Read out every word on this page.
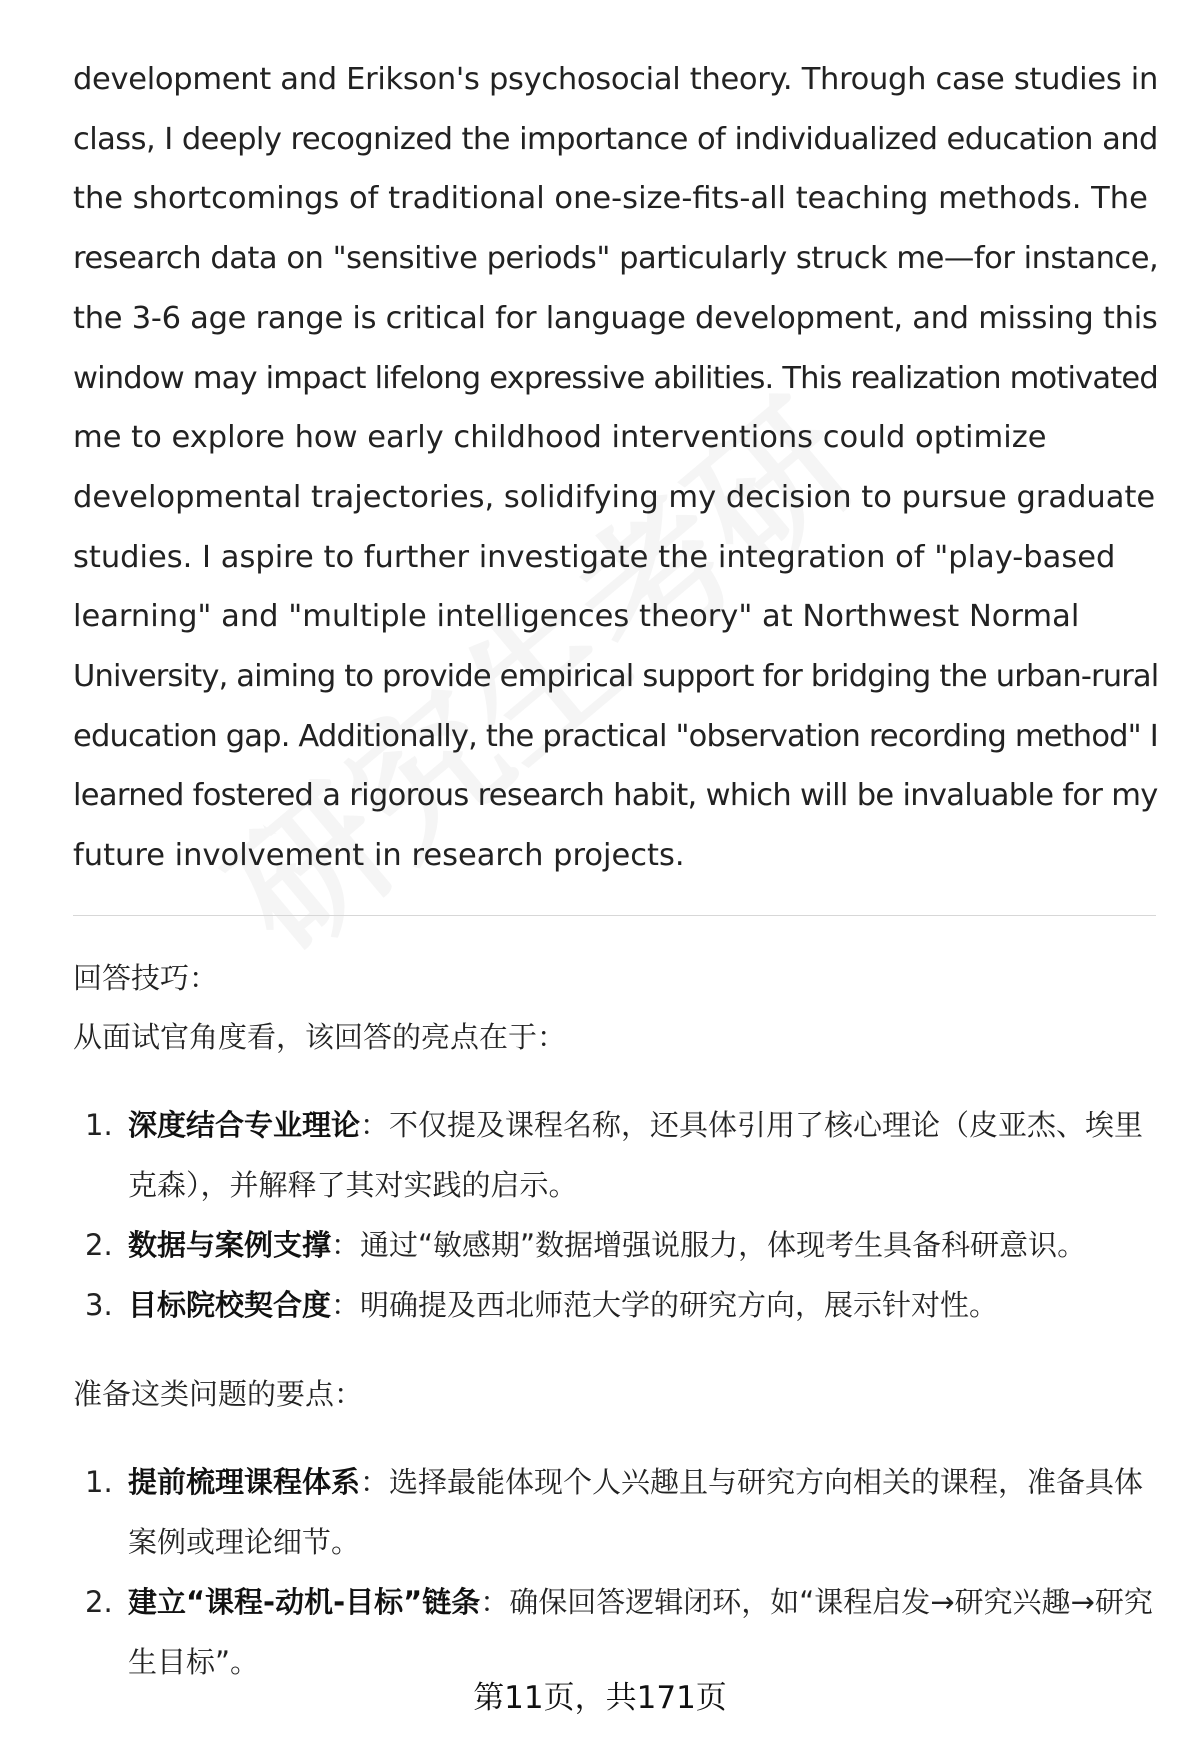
development and Erikson's psychosocial theory. Through case studies in
class, I deeply recognized the importance of individualized education and
the shortcomings of traditional one-size-fits-all teaching methods. The
research data on "sensitive periods" particularly struck me—for instance,
the 3-6 age range is critical for language development, and missing this
window may impact lifelong expressive abilities. This realization motivated
me to explore how early childhood interventions could optimize
developmental trajectories, solidifying my decision to pursue graduate
studies. I aspire to further investigate the integration of "play-based
learning" and "multiple intelligences theory" at Northwest Normal
University, aiming to provide empirical support for bridging the urban-rural
education gap. Additionally, the practical "observation recording method" I
learned fostered a rigorous research habit, which will be invaluable for my
future involvement in research projects.
回答技巧：
从面试官角度看，该回答的亮点在于：
1. 深度结合专业理论：不仅提及课程名称，还具体引用了核心理论（皮亚杰、埃里克森），并解释了其对实践的启示。
2. 数据与案例支撑：通过“敏感期”数据增强说服力，体现考生具备科研意识。
3. 目标院校契合度：明确提及西北师范大学的研究方向，展示针对性。
准备这类问题的要点：
1. 提前梳理课程体系：选择最能体现个人兴趣且与研究方向相关的课程，准备具体案例或理论细节。
2. 建立“课程-动机-目标”链条：确保回答逻辑闭环，如“课程启发→研究兴趣→研究生目标”。
第11页，共171页
